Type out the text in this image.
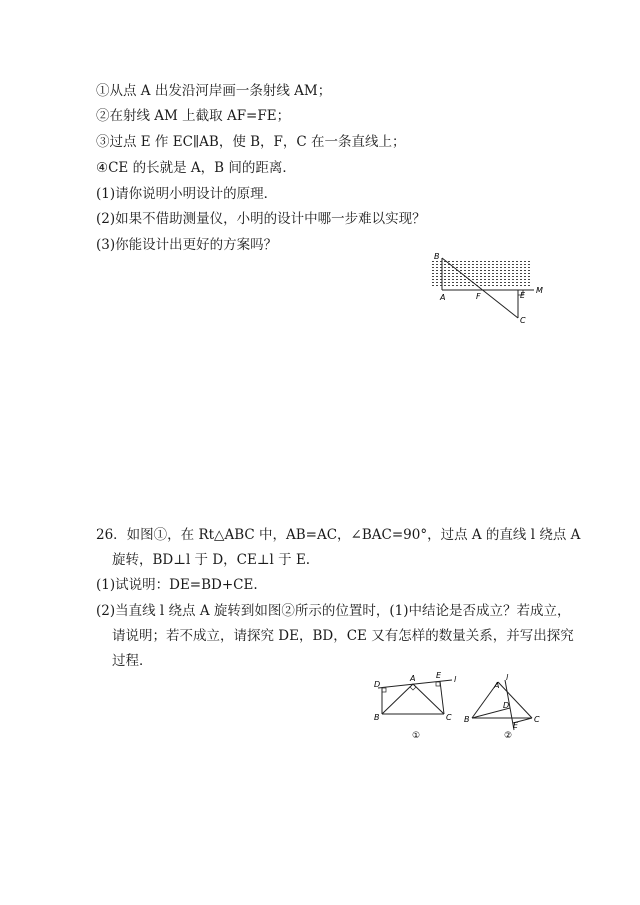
①从点 A 出发沿河岸画一条射线 AM；
②在射线 AM 上截取 AF=FE；
③过点 E 作 EC∥AB，使 B，F，C 在一条直线上；
④CE 的长就是 A，B 间的距离．
(1)请你说明小明设计的原理．
(2)如果不借助测量仪，小明的设计中哪一步难以实现？
(3)你能设计出更好的方案吗？
B
A	F	E
M
C
26．如图①，在 Rt△ABC 中，AB=AC，∠BAC=90°，过点 A 的直线 l 绕点 A
旋转，BD⊥l 于 D，CE⊥l 于 E.
(1)试说明：DE=BD+CE.
(2)当直线 l 绕点 A 旋转到如图②所示的位置时，(1)中结论是否成立？若成立，
请说明；若不成立，请探究 DE，BD，CE 又有怎样的数量关系，并写出探究
过程．
D
A	E l
B	C
①
A
l
D
E
B	C
②
